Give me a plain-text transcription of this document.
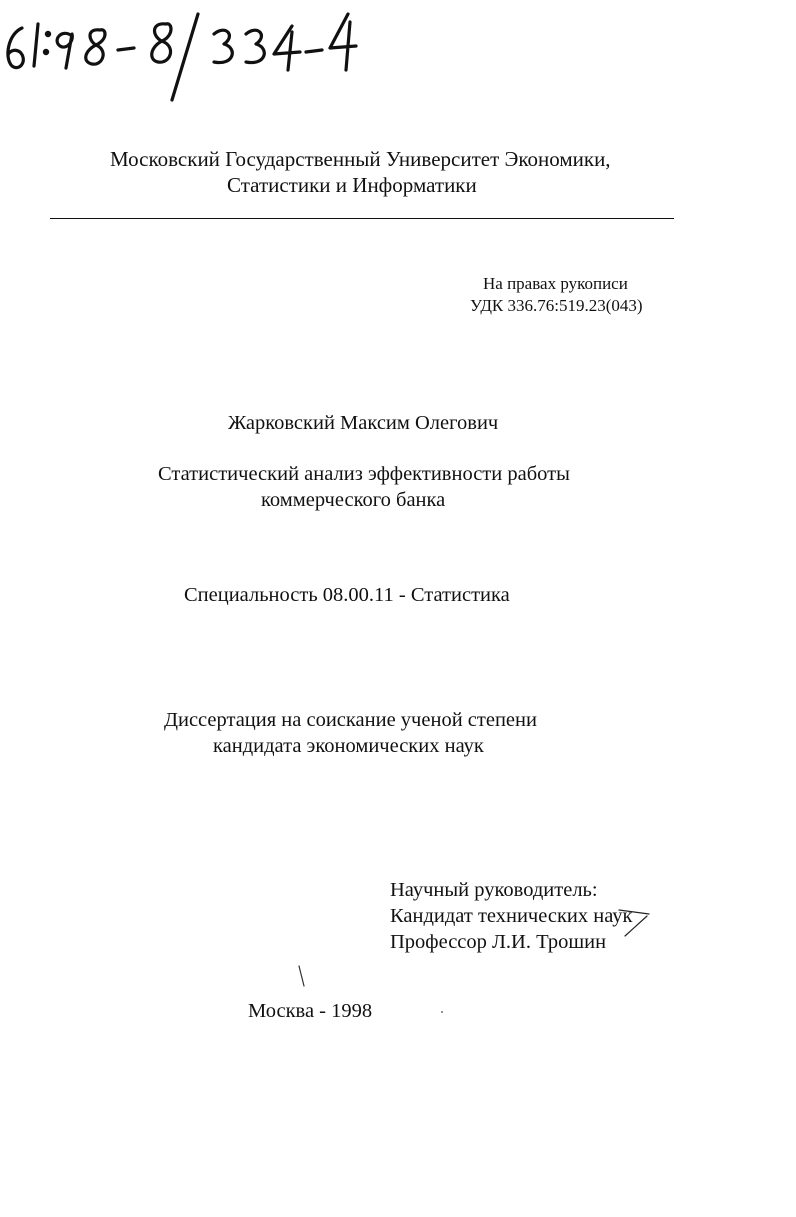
Московский Государственный Университет Экономики,
Статистики и Информатики
На правах рукописи
УДК 336.76:519.23(043)
Жарковский Максим Олегович
Статистический анализ эффективности работы
коммерческого банка
Специальность 08.00.11 - Статистика
Диссертация на соискание ученой степени
кандидата экономических наук
Научный руководитель:
Кандидат технических наук
Профессор Л.И. Трошин
Москва - 1998
